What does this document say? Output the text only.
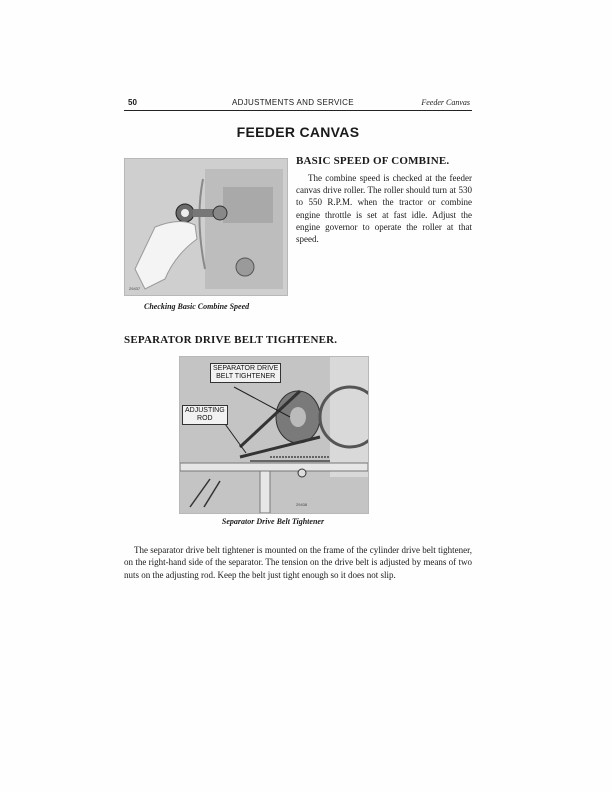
50	ADJUSTMENTS AND SERVICE	Feeder Canvas
FEEDER CANVAS
29437
Checking Basic Combine Speed
BASIC SPEED OF COMBINE.
The combine speed is checked at the feeder canvas drive roller. The roller should turn at 530 to 550 R.P.M. when the tractor or combine engine throttle is set at fast idle. Adjust the engine governor to operate the roller at that speed.
SEPARATOR DRIVE BELT TIGHTENER.
SEPARATOR DRIVE
BELT TIGHTENER
ADJUSTING
ROD
29438
Separator Drive Belt Tightener
The separator drive belt tightener is mounted on the frame of the cylinder drive belt tightener, on the right-hand side of the separator. The tension on the drive belt is adjusted by means of two nuts on the adjusting rod. Keep the belt just tight enough so it does not slip.
